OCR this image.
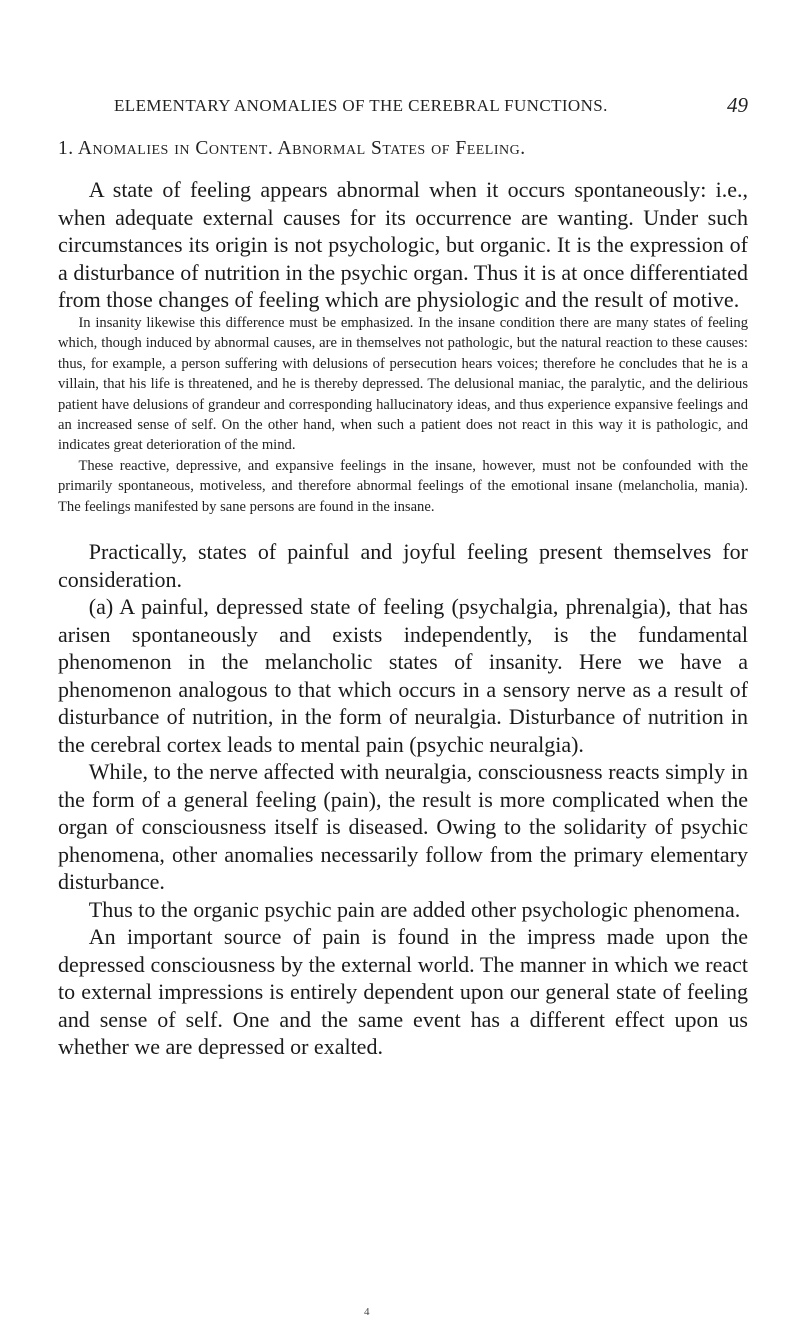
ELEMENTARY ANOMALIES OF THE CEREBRAL FUNCTIONS.	49
1. Anomalies in Content. Abnormal States of Feeling.

A state of feeling appears abnormal when it occurs spontaneously: i.e., when adequate external causes for its occurrence are wanting. Under such circumstances its origin is not psychologic, but organic. It is the expression of a disturbance of nutrition in the psychic organ. Thus it is at once differentiated from those changes of feeling which are physiologic and the result of motive.

In insanity likewise this difference must be emphasized. In the insane condition there are many states of feeling which, though induced by abnormal causes, are in themselves not pathologic, but the natural reaction to these causes: thus, for example, a person suffering with delusions of persecution hears voices; therefore he concludes that he is a villain, that his life is threatened, and he is thereby depressed. The delusional maniac, the paralytic, and the delirious patient have delusions of grandeur and corresponding hallucinatory ideas, and thus experience expansive feelings and an increased sense of self. On the other hand, when such a patient does not react in this way it is pathologic, and indicates great deterioration of the mind.

These reactive, depressive, and expansive feelings in the insane, however, must not be confounded with the primarily spontaneous, motiveless, and therefore abnormal feelings of the emotional insane (melancholia, mania). The feelings manifested by sane persons are found in the insane.

Practically, states of painful and joyful feeling present themselves for consideration.

(a) A painful, depressed state of feeling (psychalgia, phrenalgia), that has arisen spontaneously and exists independently, is the fundamental phenomenon in the melancholic states of insanity. Here we have a phenomenon analogous to that which occurs in a sensory nerve as a result of disturbance of nutrition, in the form of neuralgia. Disturbance of nutrition in the cerebral cortex leads to mental pain (psychic neuralgia).

While, to the nerve affected with neuralgia, consciousness reacts simply in the form of a general feeling (pain), the result is more complicated when the organ of consciousness itself is diseased. Owing to the solidarity of psychic phenomena, other anomalies necessarily follow from the primary elementary disturbance.

Thus to the organic psychic pain are added other psychologic phenomena.

An important source of pain is found in the impress made upon the depressed consciousness by the external world. The manner in which we react to external impressions is entirely dependent upon our general state of feeling and sense of self. One and the same event has a different effect upon us whether we are depressed or exalted.

4
